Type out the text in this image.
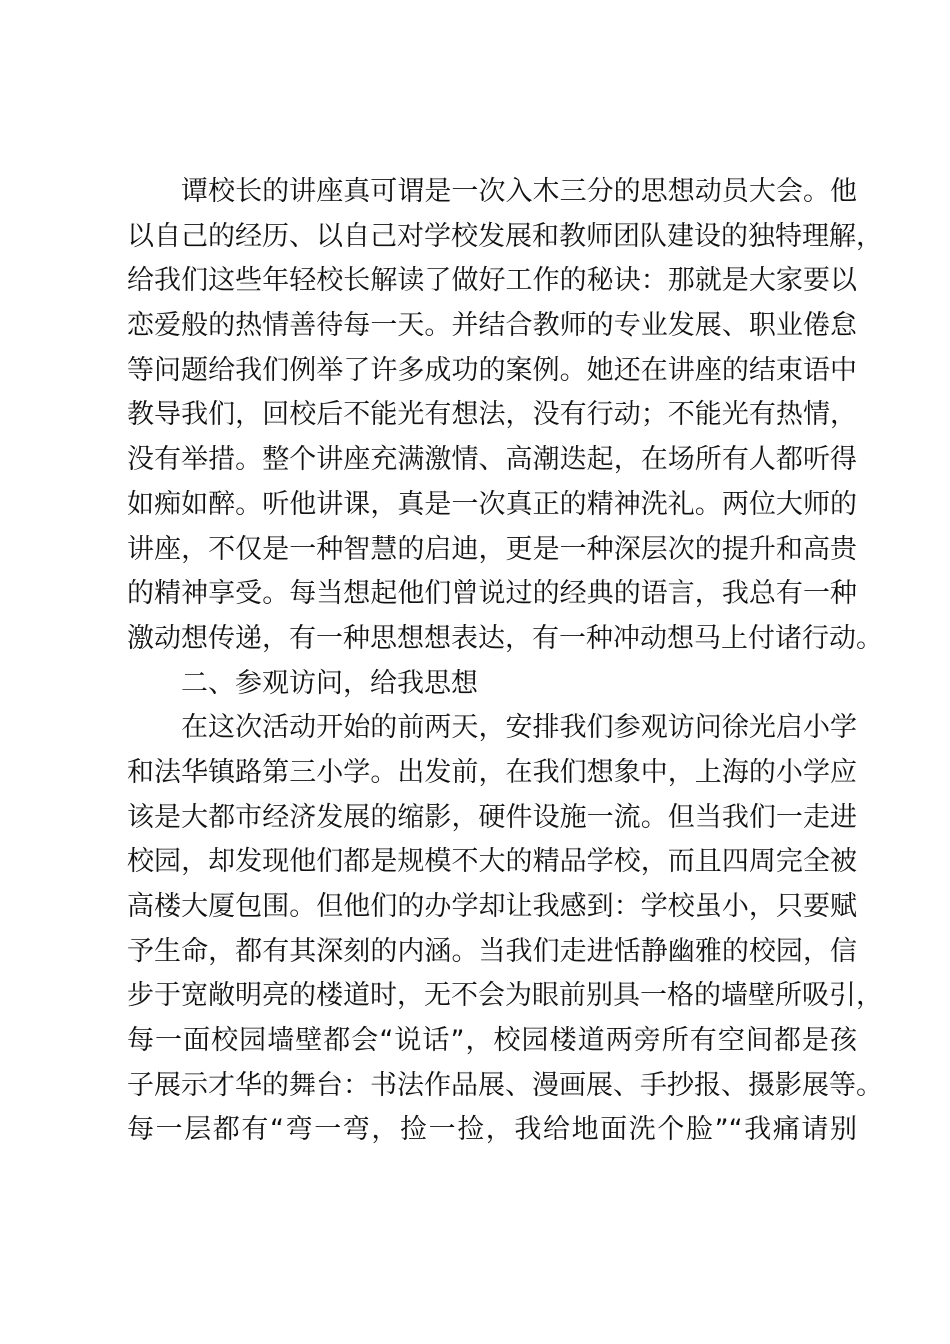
谭校长的讲座真可谓是一次入木三分的思想动员大会。他
以自己的经历、以自己对学校发展和教师团队建设的独特理解，
给我们这些年轻校长解读了做好工作的秘诀：那就是大家要以
恋爱般的热情善待每一天。并结合教师的专业发展、职业倦怠
等问题给我们例举了许多成功的案例。她还在讲座的结束语中
教导我们，回校后不能光有想法，没有行动；不能光有热情，
没有举措。整个讲座充满激情、高潮迭起，在场所有人都听得
如痴如醉。听他讲课，真是一次真正的精神洗礼。两位大师的
讲座，不仅是一种智慧的启迪，更是一种深层次的提升和高贵
的精神享受。每当想起他们曾说过的经典的语言，我总有一种
激动想传递，有一种思想想表达，有一种冲动想马上付诸行动。
二、参观访问，给我思想
在这次活动开始的前两天，安排我们参观访问徐光启小学
和法华镇路第三小学。出发前，在我们想象中，上海的小学应
该是大都市经济发展的缩影，硬件设施一流。但当我们一走进
校园，却发现他们都是规模不大的精品学校，而且四周完全被
高楼大厦包围。但他们的办学却让我感到：学校虽小，只要赋
予生命，都有其深刻的内涵。当我们走进恬静幽雅的校园，信
步于宽敞明亮的楼道时，无不会为眼前别具一格的墙壁所吸引，
每一面校园墙壁都会“说话”，校园楼道两旁所有空间都是孩
子展示才华的舞台：书法作品展、漫画展、手抄报、摄影展等。
每一层都有“弯一弯，捡一捡，我给地面洗个脸”“我痛请别
